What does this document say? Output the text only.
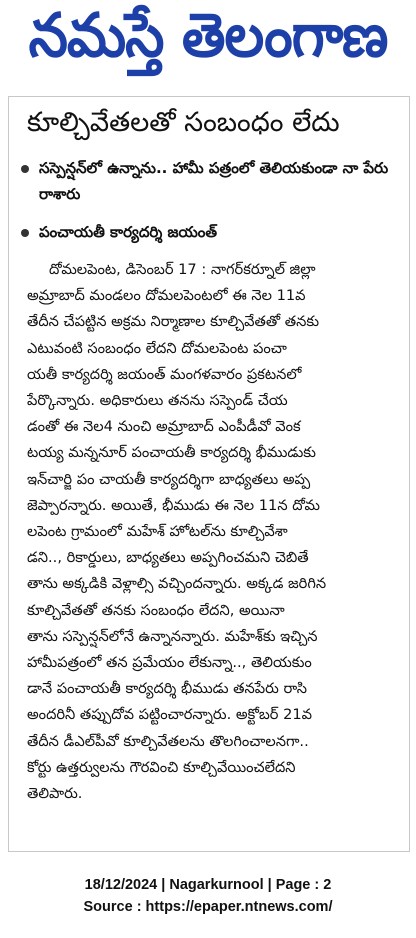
నమస్తే తెలంగాణ
కూల్చివేతలతో సంబంధం లేదు
సస్పెన్షన్‌లో ఉన్నాను.. హామీ పత్రంలో తెలియకుండా నా పేరు రాశారు
పంచాయతీ కార్యదర్శి జయంత్
దోమలపెంట, డిసెంబర్ 17 : నాగర్‌కర్నూల్ జిల్లా
అమ్రాబాద్ మండలం దోమలపెంటలో ఈ నెల 11వ
తేదీన చేపట్టిన అక్రమ నిర్మాణాల కూల్చివేతతో తనకు
ఎటువంటి సంబంధం లేదని దోమలపెంట పంచా
యతీ కార్యదర్శి జయంత్ మంగళవారం ప్రకటనలో
పేర్కొన్నారు. అధికారులు తనను సస్పెండ్ చేయ
డంతో ఈ నెల4 నుంచి అమ్రాబాద్ ఎంపీడీవో వెంక
టయ్య మన్ననూర్ పంచాయతీ కార్యదర్శి భీముడుకు
ఇన్‌చార్జి పం చాయతీ కార్యదర్శిగా బాధ్యతలు అప్ప
జెప్పారన్నారు. అయితే, భీముడు ఈ నెల 11న దోమ
లపెంట గ్రామంలో మహేశ్ హోటల్‌ను కూల్చివేశా
డని.., రికార్డులు, బాధ్యతలు అప్పగించమని చెబితే
తాను అక్కడికి వెళ్లాల్సి వచ్చిందన్నారు. అక్కడ జరిగిన
కూల్చివేతతో తనకు సంబంధం లేదని, అయినా
తాను సస్పెన్షన్‌లోనే ఉన్నానన్నారు. మహేశ్‌కు ఇచ్చిన
హామీపత్రంలో తన ప్రమేయం లేకున్నా.., తెలియకుం
డానే పంచాయతీ కార్యదర్శి భీముడు తనపేరు రాసి
అందరినీ తప్పుదోవ పట్టించారన్నారు. అక్టోబర్ 21వ
తేదీన డీఎల్‌పీవో కూల్చివేతలను తొలగించాలనగా..
కోర్టు ఉత్తర్వులను గౌరవించి కూల్చివేయించలేదని
తెలిపారు.
18/12/2024 | Nagarkurnool | Page : 2
Source : https://epaper.ntnews.com/
